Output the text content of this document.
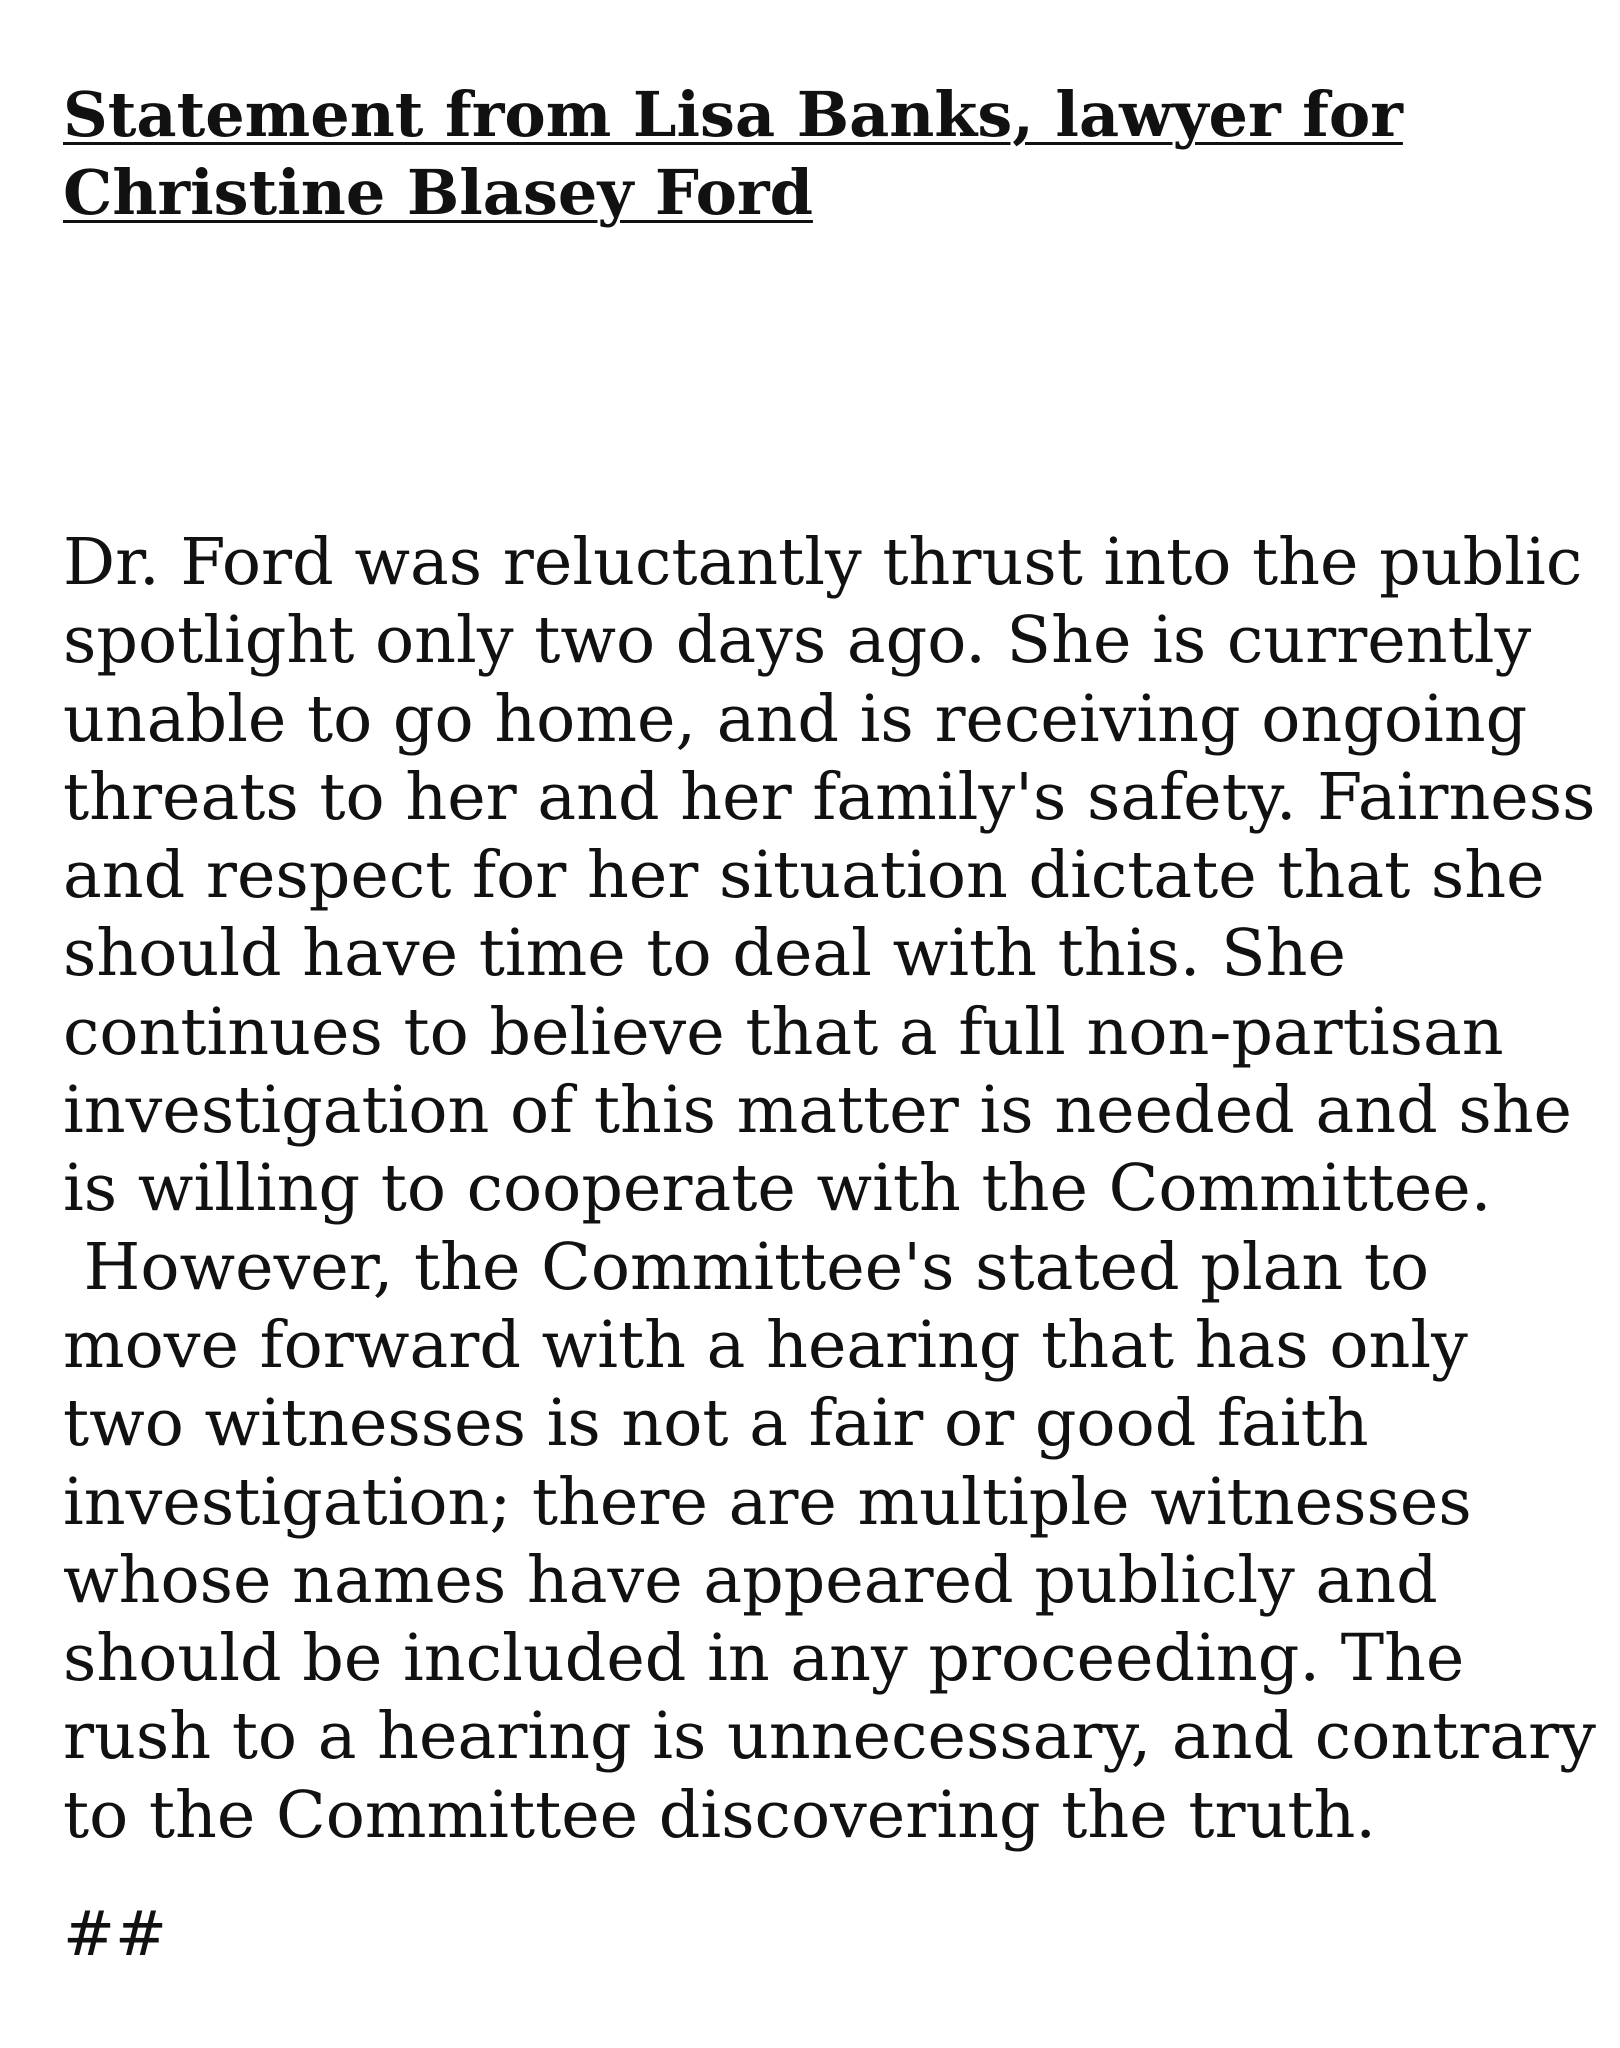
Statement from Lisa Banks, lawyer for
Christine Blasey Ford
Dr. Ford was reluctantly thrust into the public
spotlight only two days ago. She is currently
unable to go home, and is receiving ongoing
threats to her and her family's safety. Fairness
and respect for her situation dictate that she
should have time to deal with this. She
continues to believe that a full non-partisan
investigation of this matter is needed and she
is willing to cooperate with the Committee.
However, the Committee's stated plan to
move forward with a hearing that has only
two witnesses is not a fair or good faith
investigation; there are multiple witnesses
whose names have appeared publicly and
should be included in any proceeding. The
rush to a hearing is unnecessary, and contrary
to the Committee discovering the truth.

##
